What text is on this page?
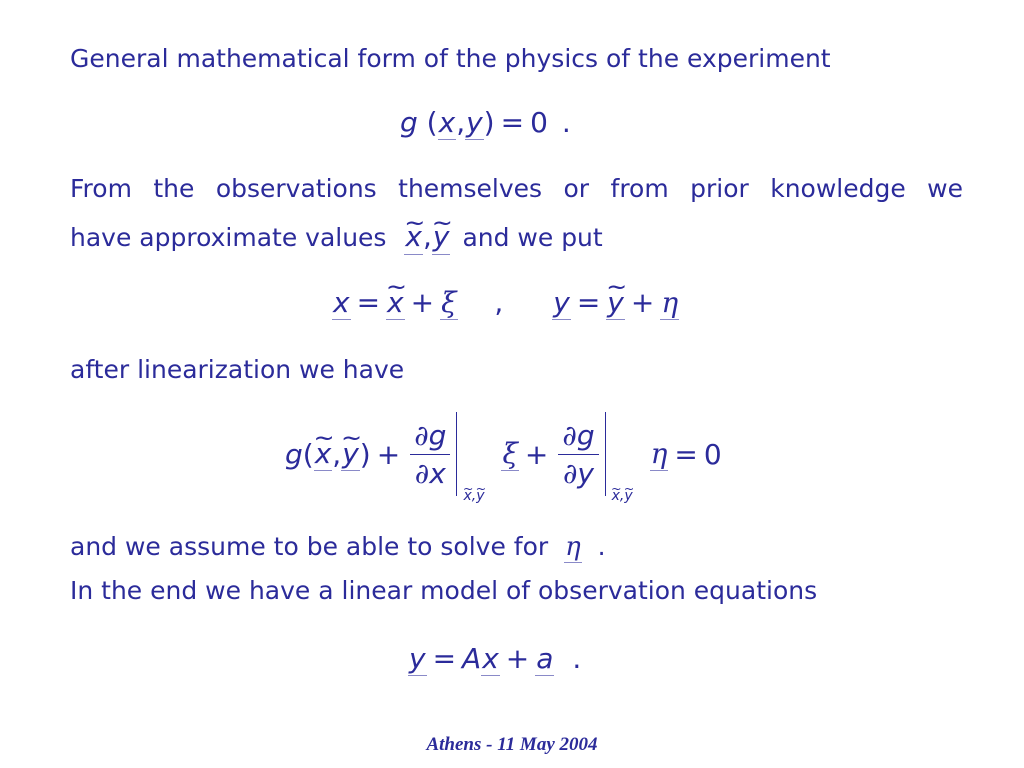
General mathematical form of the physics of the experiment

g (x,y) = 0 .

From the observations themselves or from prior knowledge we

have approximate values ~ x,~ y and we put
x = ~ x + ξ , y = ~ y + η

after linearization we have

g ( ~ x , ~ y ) + $\frac{\partial g}{\partial x}$
~ x,~ y
$\xi + \frac{\partial g}{\partial y}$
~ x,~ y
η = 0
and we assume to be able to solve for η .

In the end we have a linear model of observation equations

y = Ax + a .
Athens - 11 May 2004
